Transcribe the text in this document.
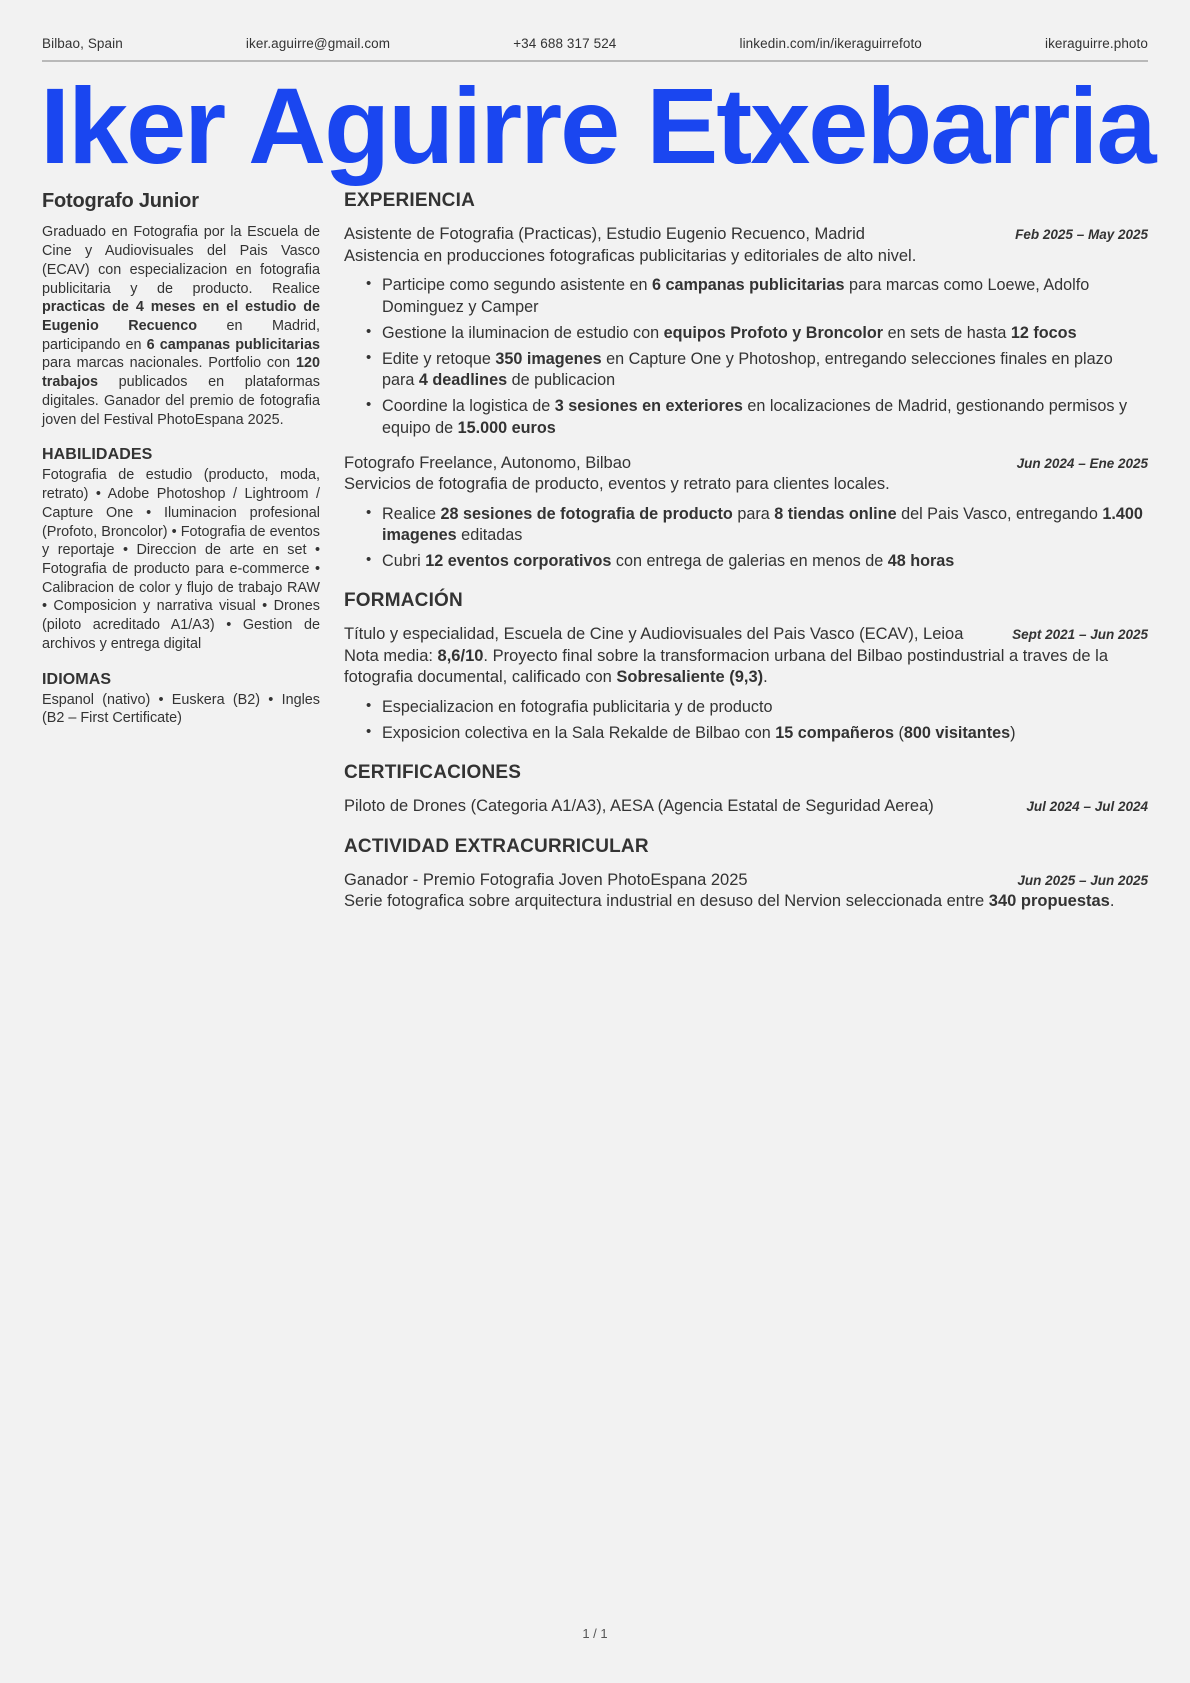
Bilbao, Spain	iker.aguirre@gmail.com	+34 688 317 524	linkedin.com/in/ikeraguirrefoto	ikeraguirre.photo
Iker Aguirre Etxebarria
Fotografo Junior

Graduado en Fotografia por la Escuela de Cine y Audiovisuales del Pais Vasco (ECAV) con especializacion en fotografia publicitaria y de producto. Realice practicas de 4 meses en el estudio de Eugenio Recuenco en Madrid, participando en 6 campanas publicitarias para marcas nacionales. Portfolio con 120 trabajos publicados en plataformas digitales. Ganador del premio de fotografia joven del Festival PhotoEspana 2025.

HABILIDADES

Fotografia de estudio (producto, moda, retrato) • Adobe Photoshop / Lightroom / Capture One • Iluminacion profesional (Profoto, Broncolor) • Fotografia de eventos y reportaje • Direccion de arte en set • Fotografia de producto para e-commerce • Calibracion de color y flujo de trabajo RAW • Composicion y narrativa visual • Drones (piloto acreditado A1/A3) • Gestion de archivos y entrega digital

IDIOMAS

Espanol (nativo) • Euskera (B2) • Ingles (B2 – First Certificate)

EXPERIENCIA
Asistente de Fotografia (Practicas), Estudio Eugenio Recuenco, Madrid	Feb 2025 – May 2025

Asistencia en producciones fotograficas publicitarias y editoriales de alto nivel.

• Participe como segundo asistente en 6 campanas publicitarias para marcas como Loewe, Adolfo Dominguez y Camper
• Gestione la iluminacion de estudio con equipos Profoto y Broncolor en sets de hasta 12 focos
• Edite y retoque 350 imagenes en Capture One y Photoshop, entregando selecciones finales en plazo para 4 deadlines de publicacion
• Coordine la logistica de 3 sesiones en exteriores en localizaciones de Madrid, gestionando permisos y equipo de 15.000 euros
Fotografo Freelance, Autonomo, Bilbao	Jun 2024 – Ene 2025

Servicios de fotografia de producto, eventos y retrato para clientes locales.

• Realice 28 sesiones de fotografia de producto para 8 tiendas online del Pais Vasco, entregando 1.400 imagenes editadas
• Cubri 12 eventos corporativos con entrega de galerias en menos de 48 horas
FORMACIÓN
Título y especialidad, Escuela de Cine y Audiovisuales del Pais Vasco (ECAV), Leioa	Sept 2021 – Jun 2025

Nota media: 8,6/10. Proyecto final sobre la transformacion urbana del Bilbao postindustrial a traves de la fotografia documental, calificado con Sobresaliente (9,3).

• Especializacion en fotografia publicitaria y de producto
• Exposicion colectiva en la Sala Rekalde de Bilbao con 15 compañeros (800 visitantes)
CERTIFICACIONES
Piloto de Drones (Categoria A1/A3), AESA (Agencia Estatal de Seguridad Aerea)	Jul 2024 – Jul 2024
ACTIVIDAD EXTRACURRICULAR
Ganador - Premio Fotografia Joven PhotoEspana 2025	Jun 2025 – Jun 2025

Serie fotografica sobre arquitectura industrial en desuso del Nervion seleccionada entre 340 propuestas.

1 / 1
